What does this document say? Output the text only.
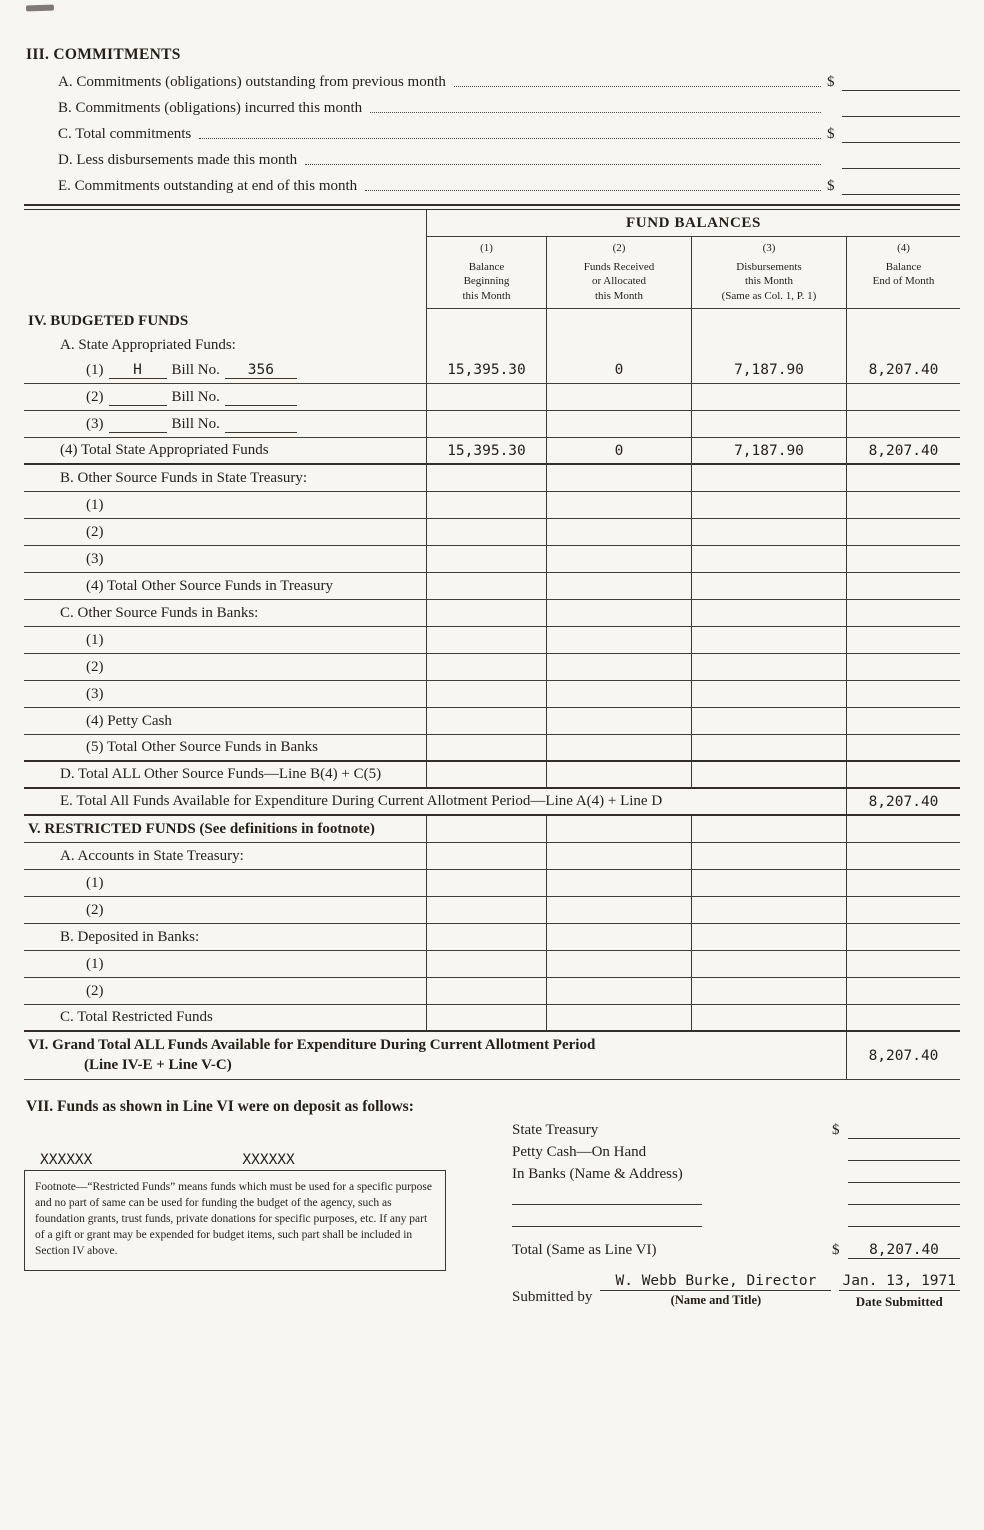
III. COMMITMENTS
A. Commitments (obligations) outstanding from previous month	$
B. Commitments (obligations) incurred this month
C. Total commitments	$
D. Less disbursements made this month
E. Commitments outstanding at end of this month	$
FUND BALANCES
(1)
Balance
Beginning
this Month
(2)
Funds Received
or Allocated
this Month
(3)
Disbursements
this Month
(Same as Col. 1, P. 1)
(4)
Balance
End of Month
IV. BUDGETED FUNDS
A. State Appropriated Funds:
(1) H Bill No. 356	15,395.30	0	7,187.90	8,207.40
(2)	Bill No.
(3)	Bill No.
(4) Total State Appropriated Funds	15,395.30	0	7,187.90	8,207.40
B. Other Source Funds in State Treasury:
(1)
(2)
(3)
(4) Total Other Source Funds in Treasury
C. Other Source Funds in Banks:
(1)
(2)
(3)
(4) Petty Cash
(5) Total Other Source Funds in Banks
D. Total ALL Other Source Funds—Line B(4) + C(5)
E. Total All Funds Available for Expenditure During Current Allotment Period—Line A(4) + Line D	8,207.40
V. RESTRICTED FUNDS (See definitions in footnote)
A. Accounts in State Treasury:
(1)
(2)
B. Deposited in Banks:
(1)
(2)
C. Total Restricted Funds
VI. Grand Total ALL Funds Available for Expenditure During Current Allotment Period
(Line IV-E + Line V-C)
8,207.40
VII. Funds as shown in Line VI were on deposit as follows:
XXXXXX	XXXXXX
Footnote—“Restricted Funds” means funds which must be used for a specific purpose and no part of same can be used for funding the budget of the agency, such as foundation grants, trust funds, private donations for specific purposes, etc. If any part of a gift or grant may be expended for budget items, such part shall be included in Section IV above.
State Treasury	$
Petty Cash—On Hand
In Banks (Name & Address)
Total (Same as Line VI)	$	8,207.40
Submitted by
W. Webb Burke, Director
(Name and Title)
Jan. 13, 1971
Date Submitted
